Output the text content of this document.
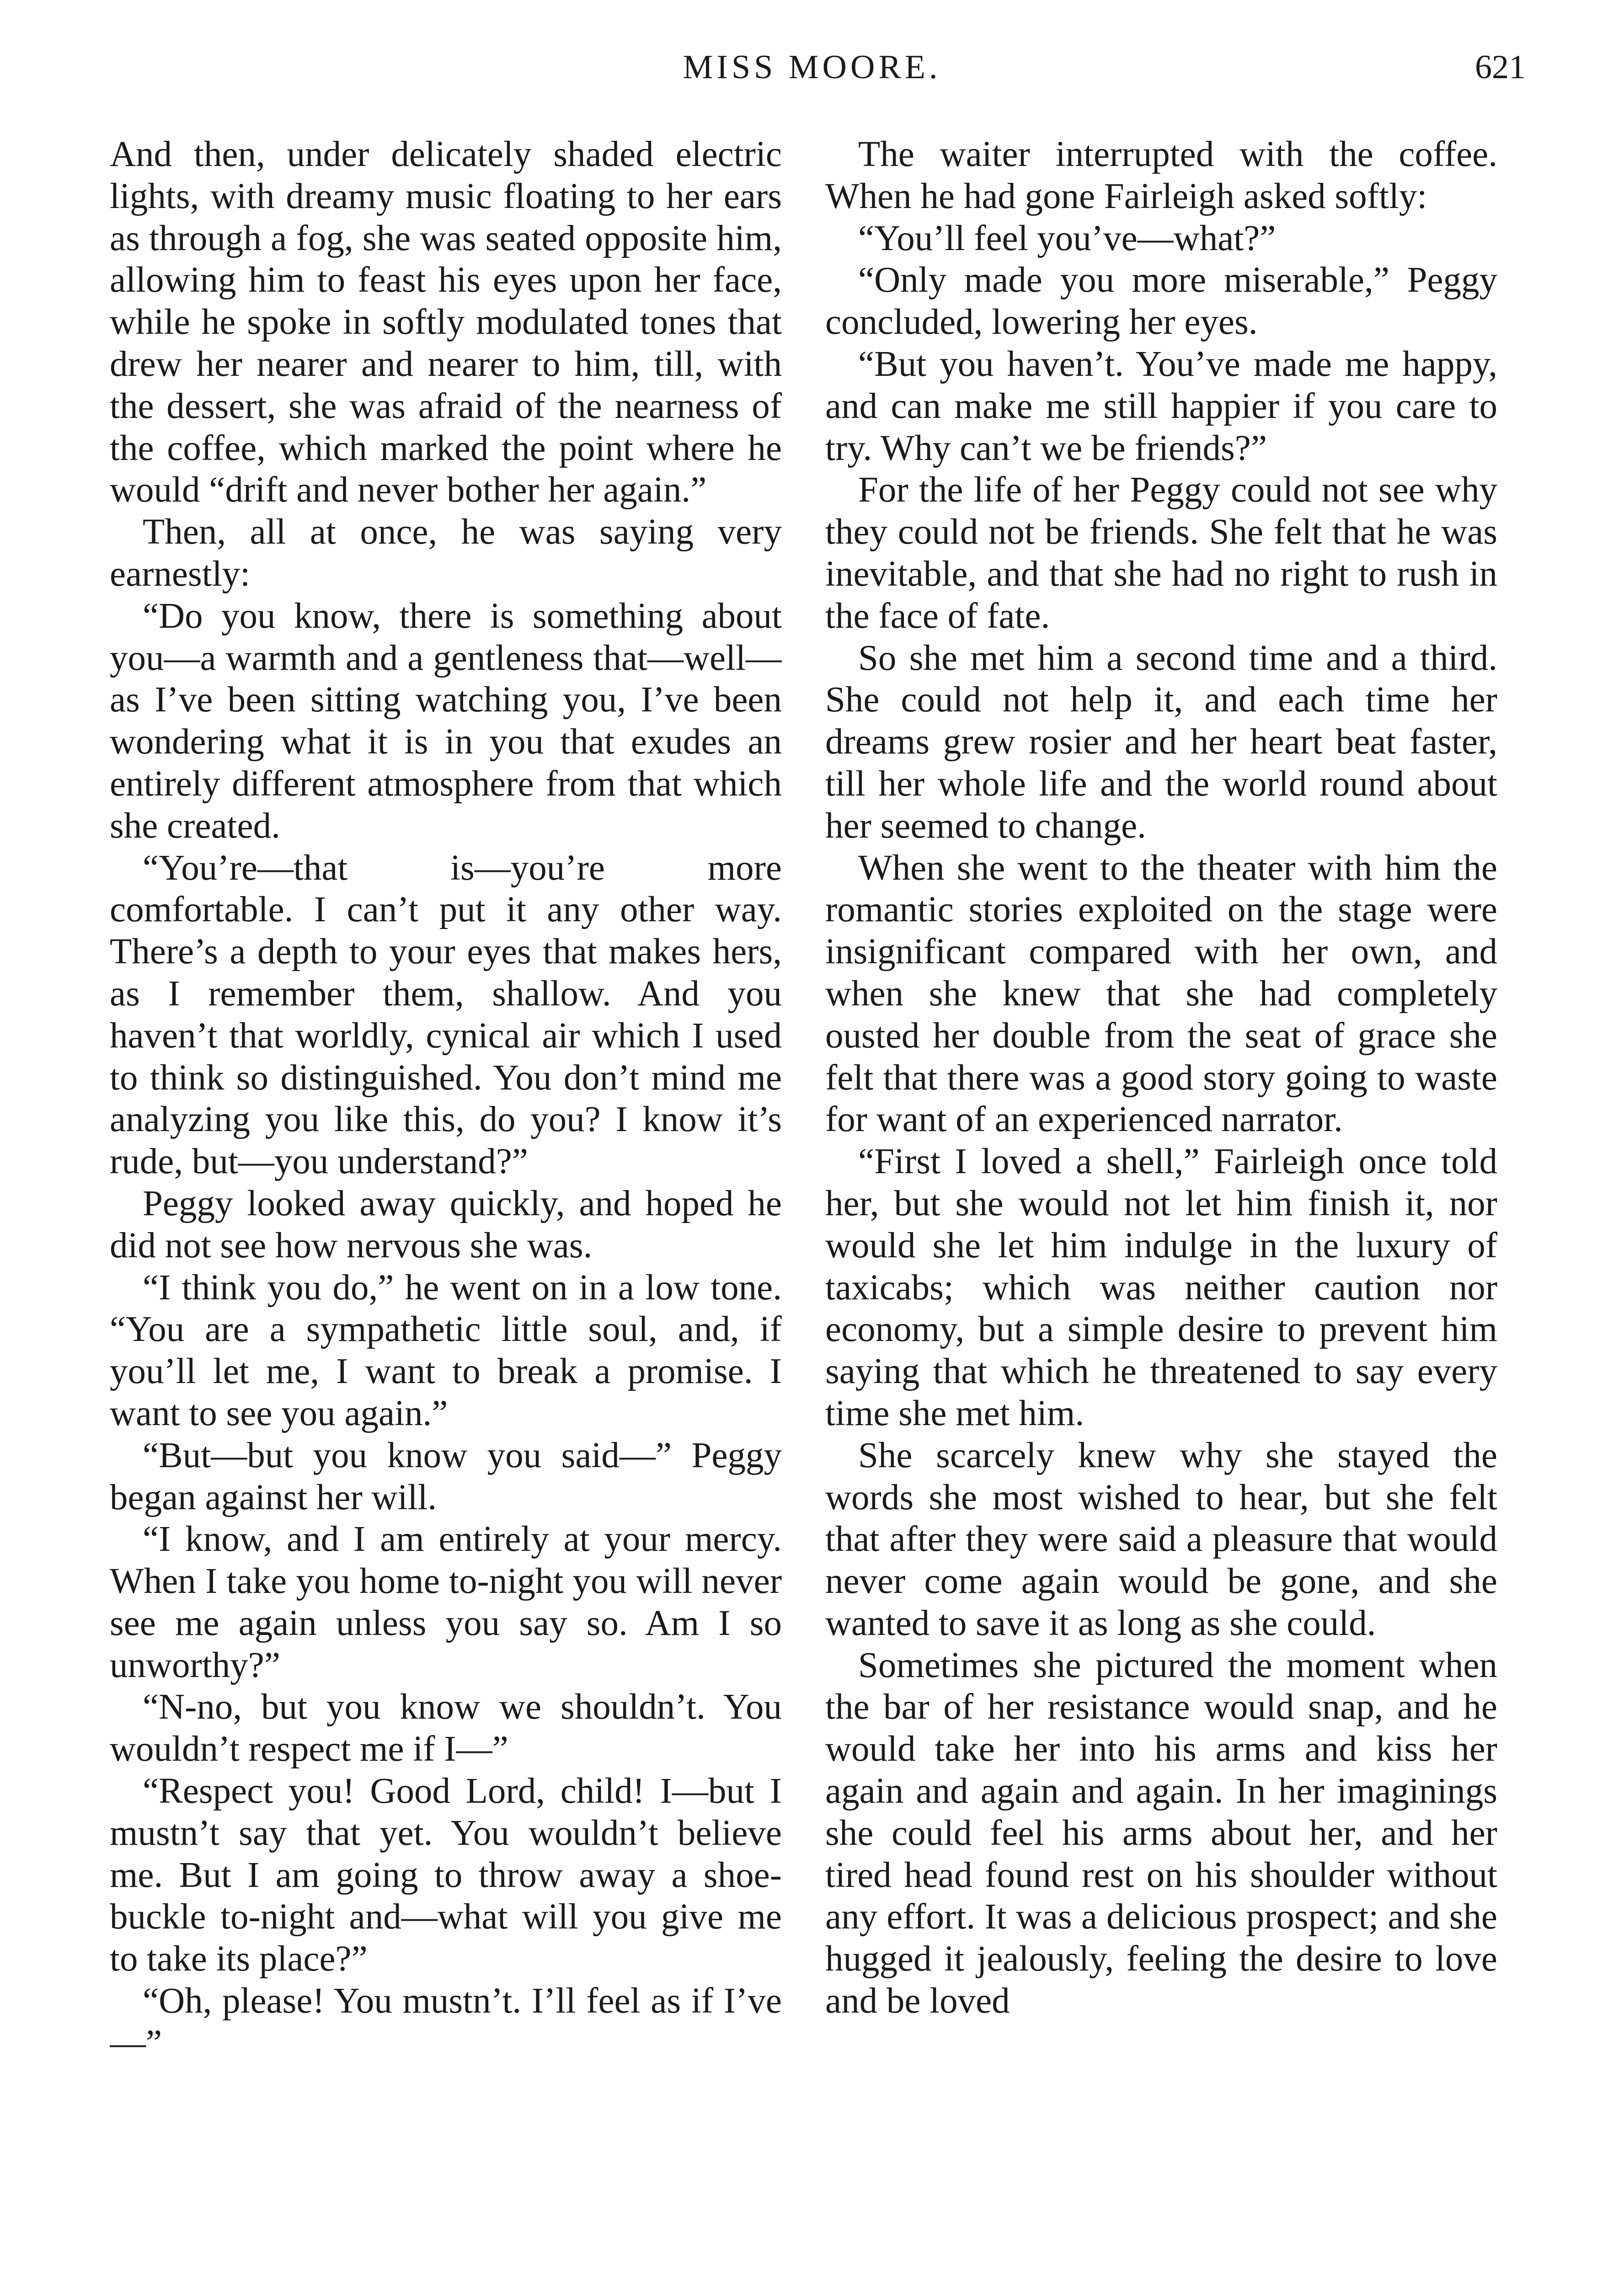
MISS MOORE.	621

And then, under delicately shaded electric lights, with dreamy music floating to her ears as through a fog, she was seated opposite him, allowing him to feast his eyes upon her face, while he spoke in softly modulated tones that drew her nearer and nearer to him, till, with the dessert, she was afraid of the nearness of the coffee, which marked the point where he would “drift and never bother her again.”

Then, all at once, he was saying very earnestly:

“Do you know, there is something about you—a warmth and a gentleness that—well—as I’ve been sitting watching you, I’ve been wondering what it is in you that exudes an entirely different atmosphere from that which she created.

“You’re—that is—you’re more comfortable. I can’t put it any other way. There’s a depth to your eyes that makes hers, as I remember them, shallow. And you haven’t that worldly, cynical air which I used to think so distinguished. You don’t mind me analyzing you like this, do you? I know it’s rude, but—you understand?”

Peggy looked away quickly, and hoped he did not see how nervous she was.

“I think you do,” he went on in a low tone. “You are a sympathetic little soul, and, if you’ll let me, I want to break a promise. I want to see you again.”

“But—but you know you said—” Peggy began against her will.

“I know, and I am entirely at your mercy. When I take you home to-night you will never see me again unless you say so. Am I so unworthy?”

“N-no, but you know we shouldn’t. You wouldn’t respect me if I—”

“Respect you! Good Lord, child! I—but I mustn’t say that yet. You wouldn’t believe me. But I am going to throw away a shoe-buckle to-night and—what will you give me to take its place?”

“Oh, please! You mustn’t. I’ll feel as if I’ve—”

The waiter interrupted with the coffee. When he had gone Fairleigh asked softly:

“You’ll feel you’ve—what?”

“Only made you more miserable,” Peggy concluded, lowering her eyes.

“But you haven’t. You’ve made me happy, and can make me still happier if you care to try. Why can’t we be friends?”

For the life of her Peggy could not see why they could not be friends. She felt that he was inevitable, and that she had no right to rush in the face of fate.

So she met him a second time and a third. She could not help it, and each time her dreams grew rosier and her heart beat faster, till her whole life and the world round about her seemed to change.

When she went to the theater with him the romantic stories exploited on the stage were insignificant compared with her own, and when she knew that she had completely ousted her double from the seat of grace she felt that there was a good story going to waste for want of an experienced narrator.

“First I loved a shell,” Fairleigh once told her, but she would not let him finish it, nor would she let him indulge in the luxury of taxicabs; which was neither caution nor economy, but a simple desire to prevent him saying that which he threatened to say every time she met him.

She scarcely knew why she stayed the words she most wished to hear, but she felt that after they were said a pleasure that would never come again would be gone, and she wanted to save it as long as she could.

Sometimes she pictured the moment when the bar of her resistance would snap, and he would take her into his arms and kiss her again and again and again. In her imaginings she could feel his arms about her, and her tired head found rest on his shoulder without any effort. It was a delicious prospect; and she hugged it jealously, feeling the desire to love and be loved
